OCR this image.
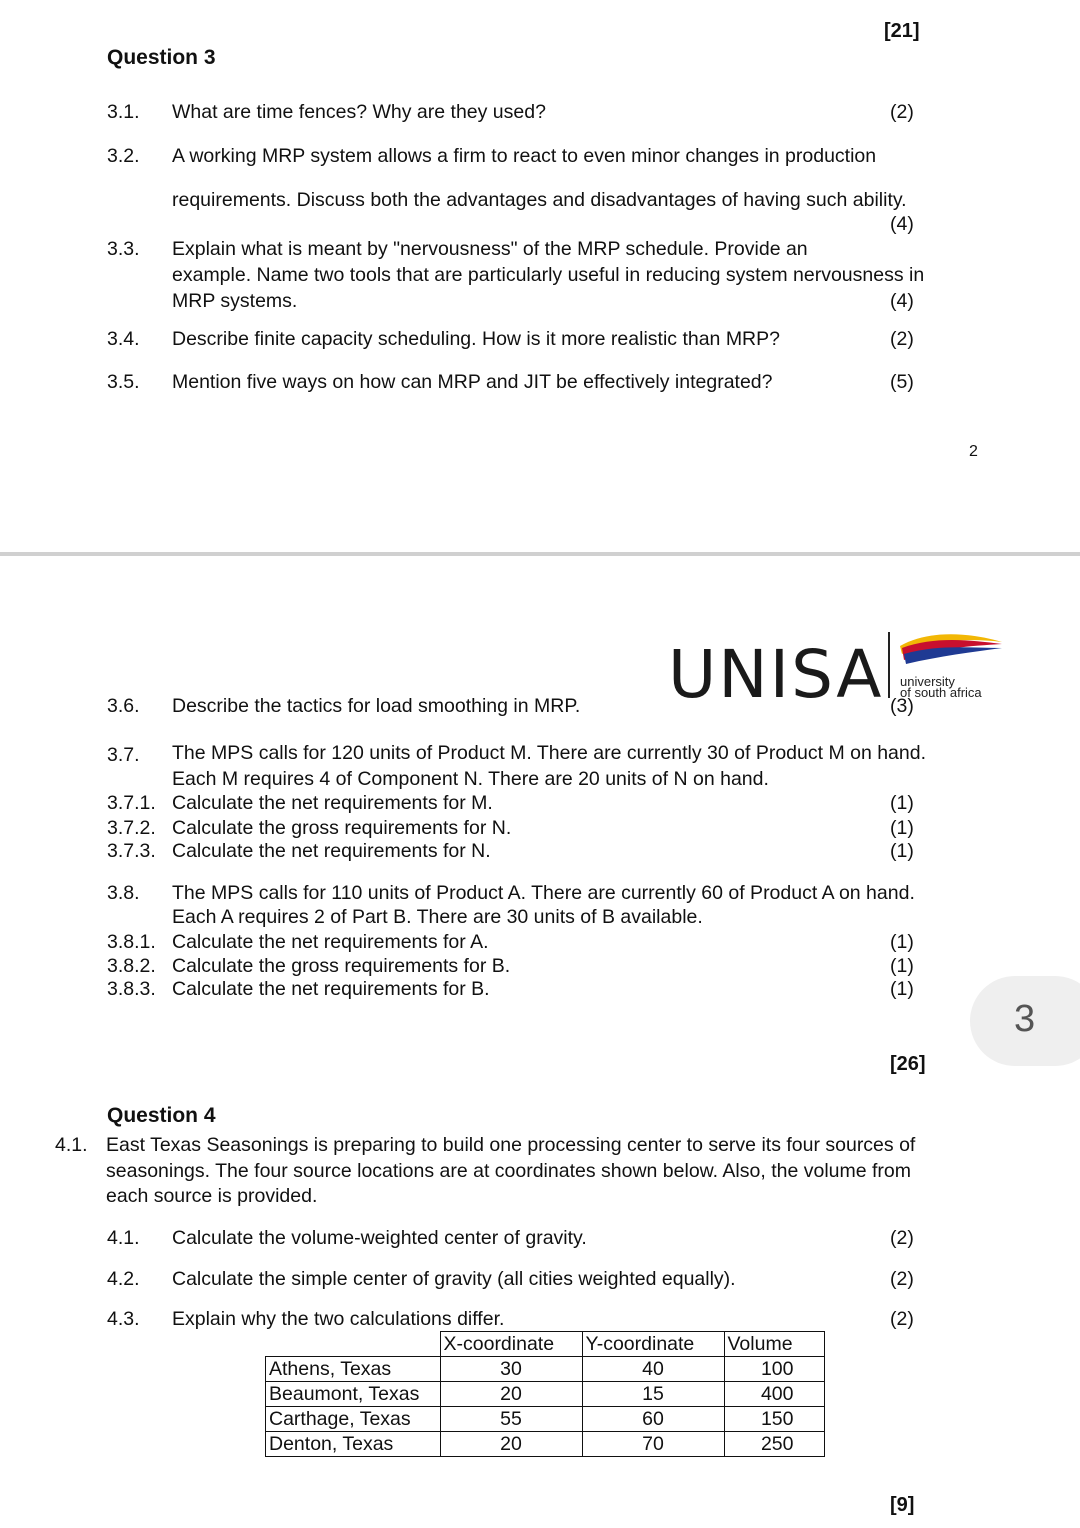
[21]
Question 3
3.1. What are time fences? Why are they used?	(2)
3.2. A working MRP system allows a firm to react to even minor changes in production
requirements. Discuss both the advantages and disadvantages of having such ability.
(4)
3.3. Explain what is meant by "nervousness" of the MRP schedule. Provide an
example. Name two tools that are particularly useful in reducing system nervousness in
MRP systems.	(4)
3.4. Describe finite capacity scheduling. How is it more realistic than MRP?	(2)
3.5. Mention five ways on how can MRP and JIT be effectively integrated?	(5)
2
UNISA university
of south africa
3.6. Describe the tactics for load smoothing in MRP.	(3)
3.7. The MPS calls for 120 units of Product M. There are currently 30 of Product M on hand.
Each M requires 4 of Component N. There are 20 units of N on hand.
3.7.1. Calculate the net requirements for M.	(1)
3.7.2. Calculate the gross requirements for N.	(1)
3.7.3. Calculate the net requirements for N.	(1)
3.8. The MPS calls for 110 units of Product A. There are currently 60 of Product A on hand.
Each A requires 2 of Part B. There are 30 units of B available.
3.8.1. Calculate the net requirements for A.	(1)
3.8.2. Calculate the gross requirements for B.	(1)
3.8.3. Calculate the net requirements for B.	(1)
3
[26]
Question 4
4.1. East Texas Seasonings is preparing to build one processing center to serve its four sources of
seasonings. The four source locations are at coordinates shown below. Also, the volume from
each source is provided.
4.1. Calculate the volume-weighted center of gravity.	(2)
4.2. Calculate the simple center of gravity (all cities weighted equally).	(2)
4.3. Explain why the two calculations differ.	(2)
	X-coordinate	Y-coordinate	Volume
Athens, Texas	30	40	100
Beaumont, Texas	20	15	400
Carthage, Texas	55	60	150
Denton, Texas	20	70	250
[9]
